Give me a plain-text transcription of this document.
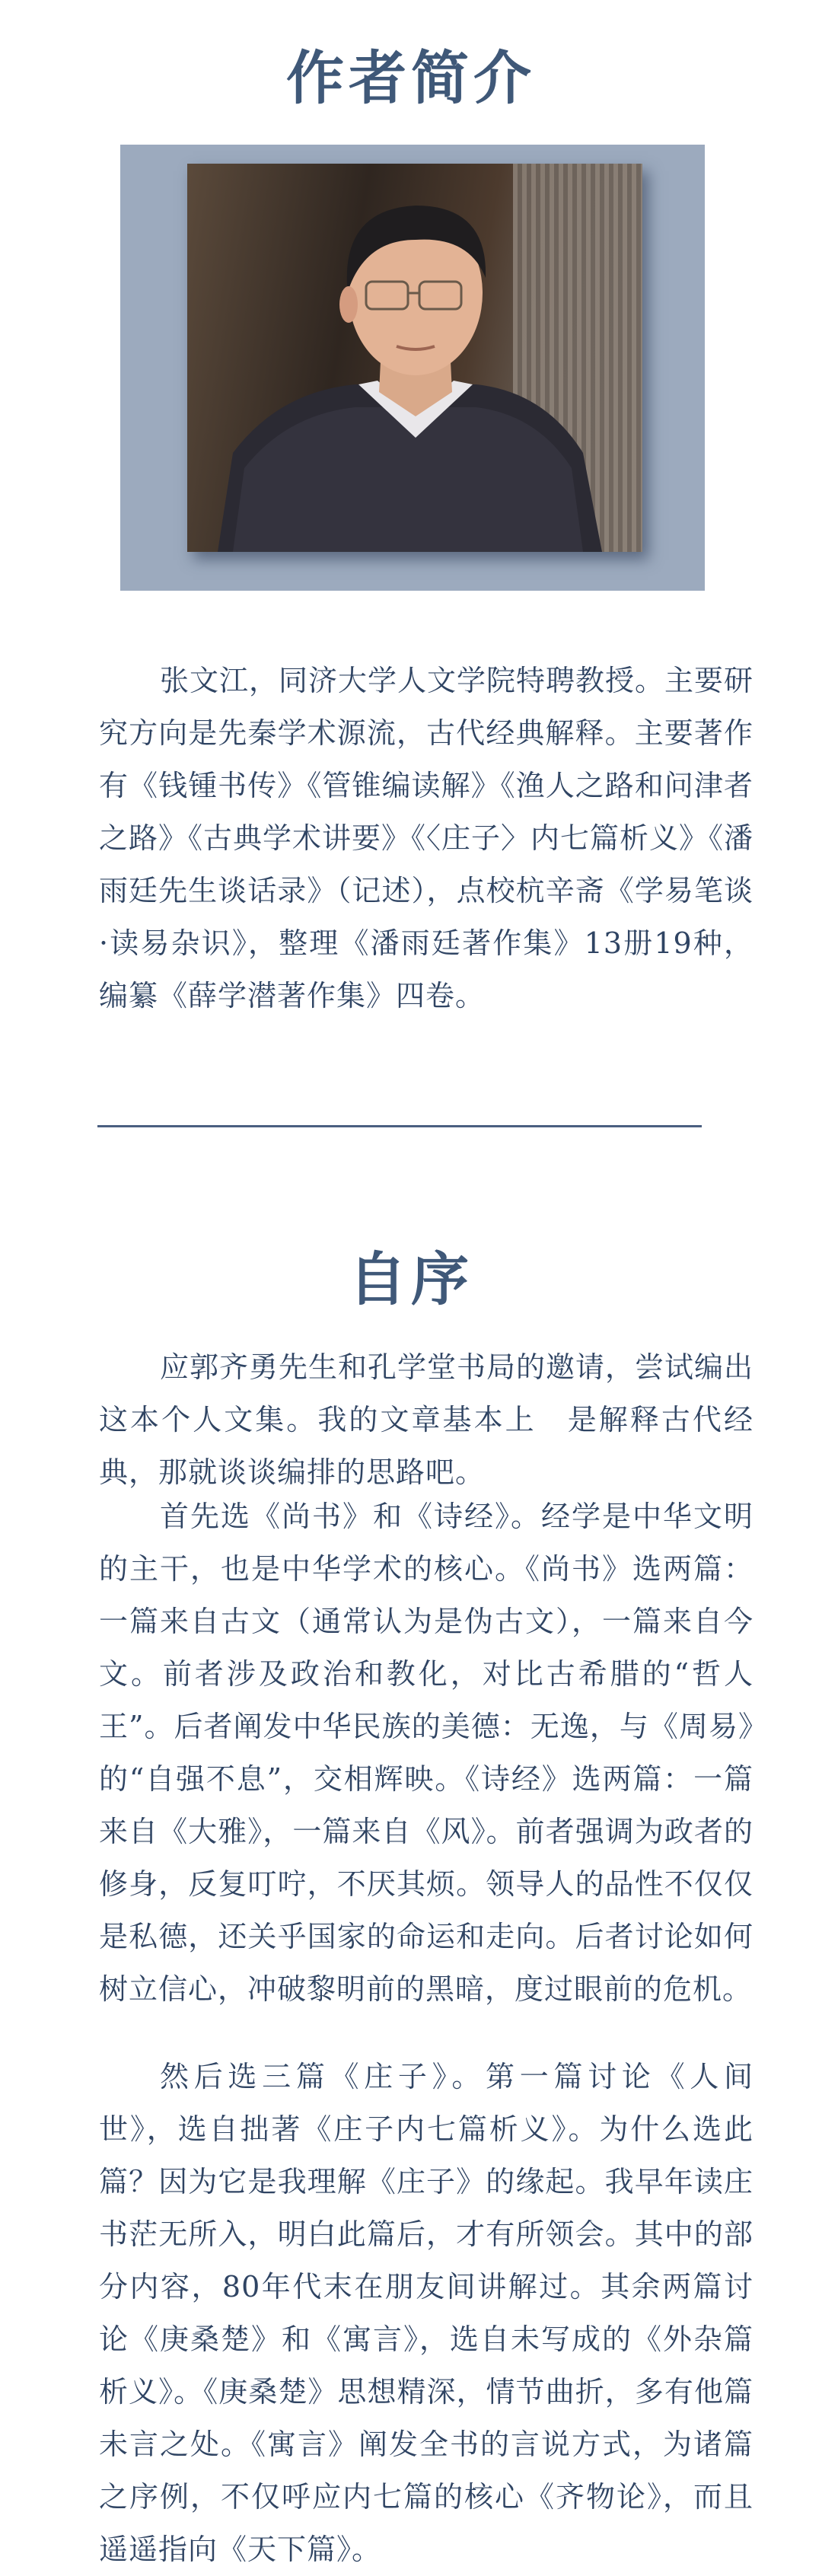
作者简介

张文江，同济大学人文学院特聘教授。主要研究方向是先秦学术源流，古代经典解释。主要著作有《钱锺书传》《管锥编读解》《渔人之路和问津者之路》《古典学术讲要》《〈庄子〉内七篇析义》《潘雨廷先生谈话录》（记述），点校杭辛斋《学易笔谈·读易杂识》，整理《潘雨廷著作集》13册19种，编纂《薛学潜著作集》四卷。

自序

应郭齐勇先生和孔学堂书局的邀请，尝试编出这本个人文集。我的文章基本上　是解释古代经典，那就谈谈编排的思路吧。

首先选《尚书》和《诗经》。经学是中华文明的主干，也是中华学术的核心。《尚书》选两篇：一篇来自古文（通常认为是伪古文），一篇来自今文。前者涉及政治和教化，对比古希腊的“哲人王”。后者阐发中华民族的美德：无逸，与《周易》的“自强不息”，交相辉映。《诗经》选两篇：一篇来自《大雅》，一篇来自《风》。前者强调为政者的修身，反复叮咛，不厌其烦。领导人的品性不仅仅是私德，还关乎国家的命运和走向。后者讨论如何树立信心，冲破黎明前的黑暗，度过眼前的危机。

然后选三篇《庄子》。第一篇讨论《人间世》，选自拙著《庄子内七篇析义》。为什么选此篇？因为它是我理解《庄子》的缘起。我早年读庄书茫无所入，明白此篇后，才有所领会。其中的部分内容，80年代末在朋友间讲解过。其余两篇讨论《庚桑楚》和《寓言》，选自未写成的《外杂篇析义》。《庚桑楚》思想精深，情节曲折，多有他篇未言之处。《寓言》阐发全书的言说方式，为诸篇之序例，不仅呼应内七篇的核心《齐物论》，而且遥遥指向《天下篇》。
